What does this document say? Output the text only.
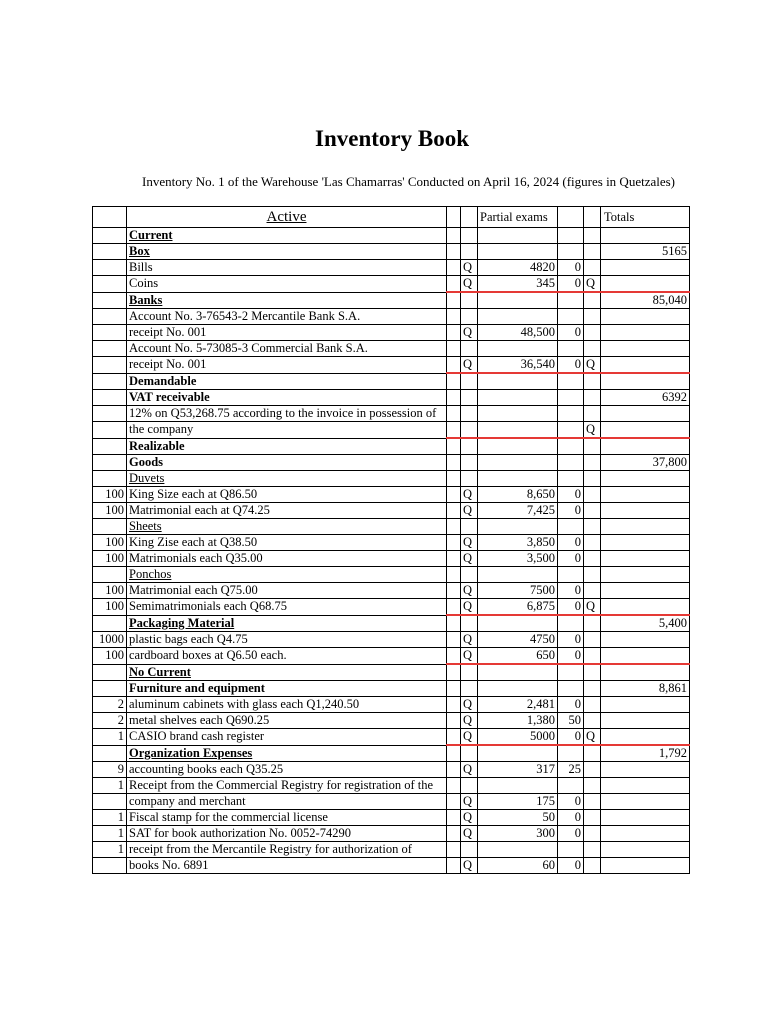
Inventory Book
Inventory No. 1 of the Warehouse 'Las Chamarras' Conducted on April 16, 2024 (figures in Quetzales)
	Active			Partial exams			Totals
	Current						
	Box						5165
	Bills		Q	4820	0		
	Coins		Q	345	0	Q	
	Banks						85,040
	Account No. 3-76543-2 Mercantile Bank S.A.						
	receipt No. 001		Q	48,500	0		
	Account No. 5-73085-3 Commercial Bank S.A.						
	receipt No. 001		Q	36,540	0	Q	
	Demandable						
	VAT receivable						6392
	12% on Q53,268.75 according to the invoice in possession of						
	the company					Q	
	Realizable						
	Goods						37,800
	Duvets						
100	King Size each at Q86.50		Q	8,650	0		
100	Matrimonial each at Q74.25		Q	7,425	0		
	Sheets						
100	King Zise each at Q38.50		Q	3,850	0		
100	Matrimonials each Q35.00		Q	3,500	0		
	Ponchos						
100	Matrimonial each Q75.00		Q	7500	0		
100	Semimatrimonials each Q68.75		Q	6,875	0	Q	
	Packaging Material						5,400
1000	plastic bags each Q4.75		Q	4750	0		
100	cardboard boxes at Q6.50 each.		Q	650	0		
	No Current						
	Furniture and equipment						8,861
2	aluminum cabinets with glass each Q1,240.50		Q	2,481	0		
2	metal shelves each Q690.25		Q	1,380	50		
1	CASIO brand cash register		Q	5000	0	Q	
	Organization Expenses						1,792
9	accounting books each Q35.25		Q	317	25		
1	Receipt from the Commercial Registry for registration of the						
	company and merchant		Q	175	0		
1	Fiscal stamp for the commercial license		Q	50	0		
1	SAT for book authorization No. 0052-74290		Q	300	0		
1	receipt from the Mercantile Registry for authorization of						
	books No. 6891		Q	60	0		
